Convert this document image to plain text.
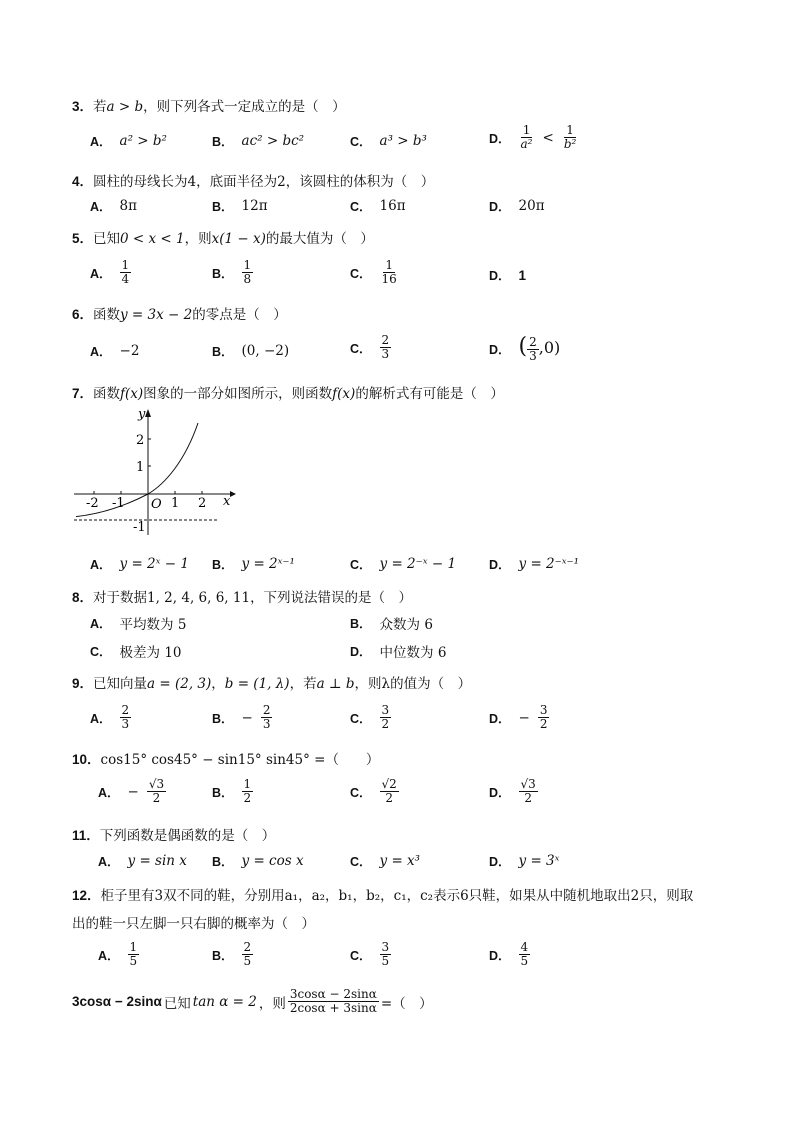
3．若a > b，则下列各式一定成立的是（　）
A． a² > b²	B． ac² > bc²	C． a³ > b³	D． $\frac{1}{\text{a²}} < \frac{1}{\text{b²}}$
4．圆柱的母线长为4，底面半径为2，该圆柱的体积为（　）
A． 8π	B． 12π	C． 16π	D． 20π
5．已知0 < x < 1，则x(1 − x)的最大值为（　）
A． $\frac{1}{4}$	B． $\frac{1}{8}$	C． $\frac{1}{16}$	D． 1
6．函数y = 3x − 2的零点是（　）
A． −2	B． (0, −2)	C． $\frac{2}{3}$	D． ( $\frac{2}{3} ,0$)
7．函数f(x)图象的一部分如图所示，则函数f(x)的解析式有可能是（　）
-2 -1	1 2
2
1
-1
O	x
y
A． y = 2ˣ − 1 B． y = 2ˣ⁻¹	C． y = 2⁻ˣ − 1	D． y = 2⁻ˣ⁻¹
8．对于数据1, 2, 4, 6, 6, 11，下列说法错误的是（　）
A． 平均数为 5	B． 众数为 6
C． 极差为 10	D． 中位数为 6
9．已知向量a = (2, 3)，b = (1, λ)，若a ⊥ b，则λ的值为（　）
A． $\frac{2}{3}$	B． − $\frac{2}{3}$	C． $\frac{3}{2}$	D． − $\frac{3}{2}$
10．cos15° cos45° − sin15° sin45° =（　　）
A． − $\frac{√3}{2}$	B． $\frac{1}{2}$	C． $\frac{√2}{2}$	D． $\frac{√3}{2}$
11．下列函数是偶函数的是（　）
A． y = sin x B． y = cos x	C． y = x³	D． y = 3ˣ
12．柜子里有3双不同的鞋，分别用a₁，a₂，b₁，b₂，c₁，c₂表示6只鞋，如果从中随机地取出2只，则取
出的鞋一只左脚一只右脚的概率为（　）
A． $\frac{1}{5}$	B． $\frac{2}{5}$	C． $\frac{3}{5}$	D． $\frac{4}{5}$
3cosα − 2sinα 已知 tan α = 2 ，则 $\frac{3\cos\alpha - 2\sin\alpha}{2\cos\alpha + 3\sin\alpha}$ =（　）
